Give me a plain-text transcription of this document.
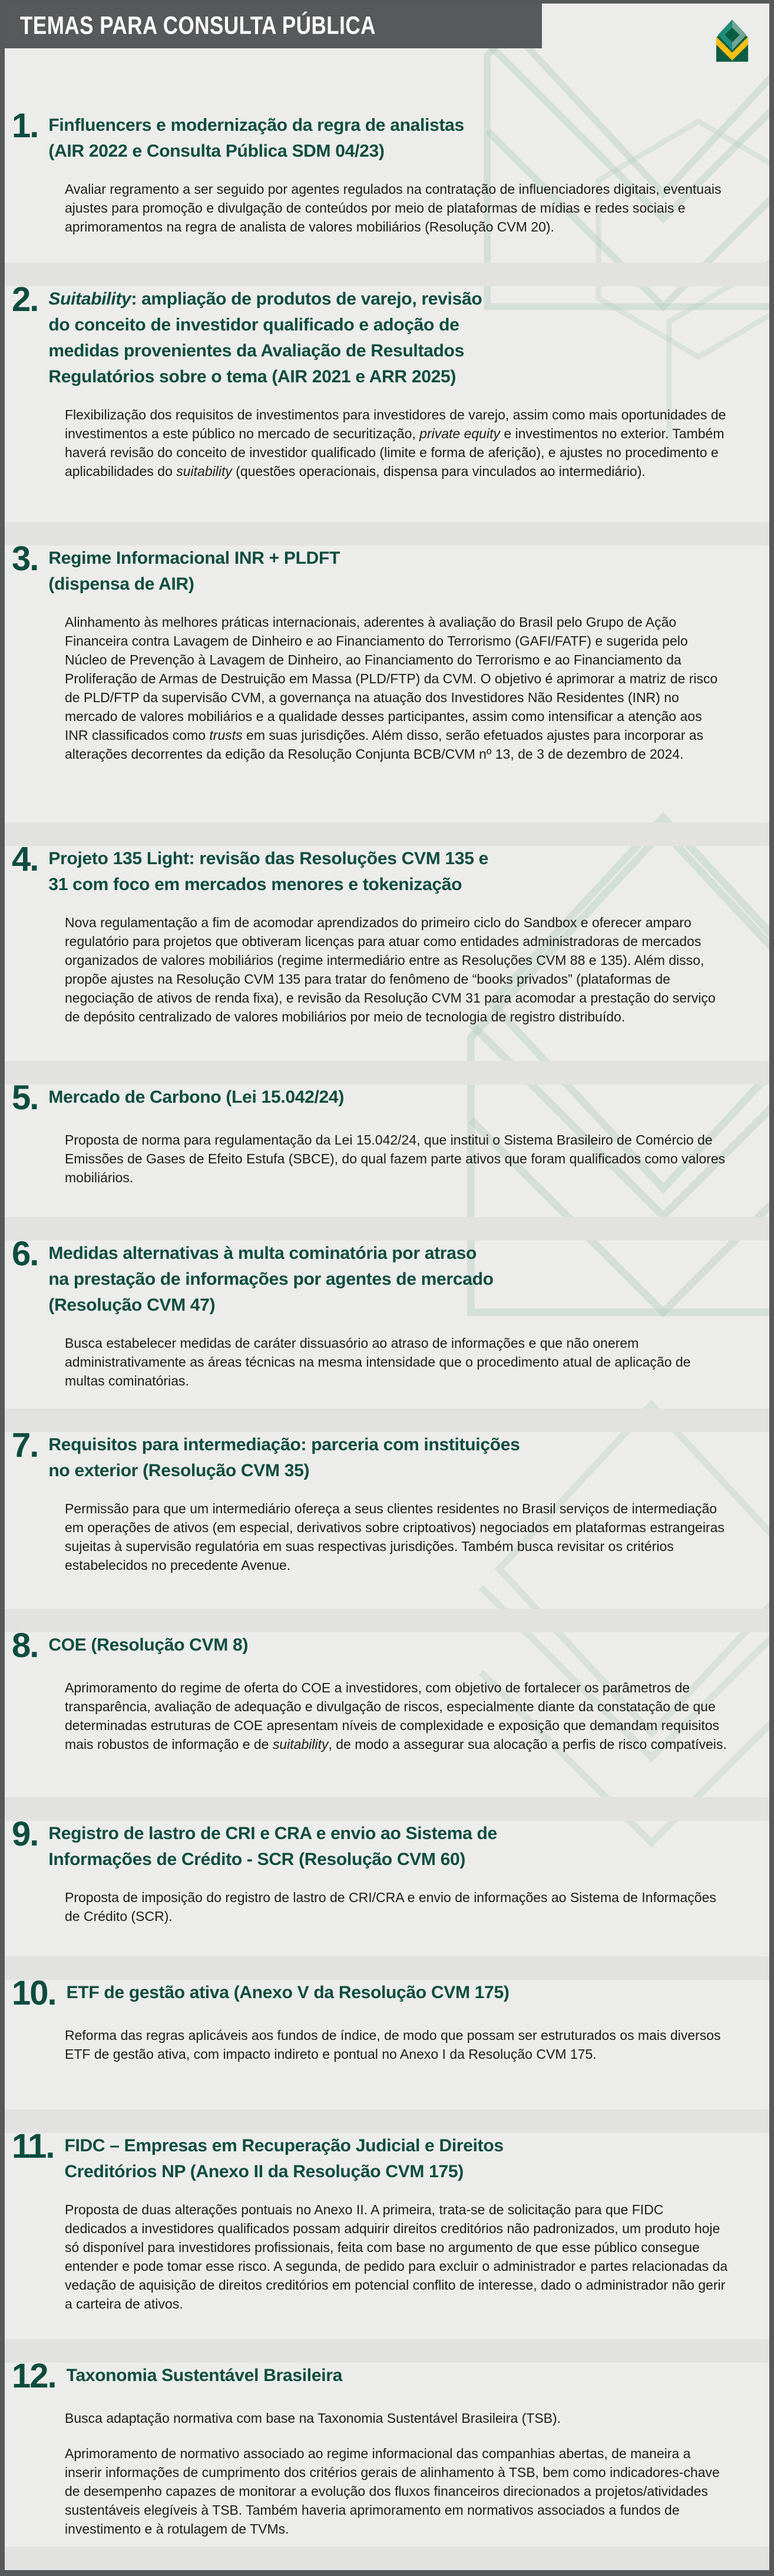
TEMAS PARA CONSULTA PÚBLICA
1. Finfluencers e modernização da regra de analistas
(AIR 2022 e Consulta Pública SDM 04/23)

Avaliar regramento a ser seguido por agentes regulados na contratação de influenciadores digitais, eventuais ajustes para promoção e divulgação de conteúdos por meio de plataformas de mídias e redes sociais e aprimoramentos na regra de analista de valores mobiliários (Resolução CVM 20).

2. Suitability: ampliação de produtos de varejo, revisão
do conceito de investidor qualificado e adoção de
medidas provenientes da Avaliação de Resultados
Regulatórios sobre o tema (AIR 2021 e ARR 2025)

Flexibilização dos requisitos de investimentos para investidores de varejo, assim como mais oportunidades de investimentos a este público no mercado de securitização, private equity e investimentos no exterior. Também haverá revisão do conceito de investidor qualificado (limite e forma de aferição), e ajustes no procedimento e aplicabilidades do suitability (questões operacionais, dispensa para vinculados ao intermediário).

3. Regime Informacional INR + PLDFT
(dispensa de AIR)

Alinhamento às melhores práticas internacionais, aderentes à avaliação do Brasil pelo Grupo de Ação Financeira contra Lavagem de Dinheiro e ao Financiamento do Terrorismo (GAFI/FATF) e sugerida pelo Núcleo de Prevenção à Lavagem de Dinheiro, ao Financiamento do Terrorismo e ao Financiamento da Proliferação de Armas de Destruição em Massa (PLD/FTP) da CVM. O objetivo é aprimorar a matriz de risco de PLD/FTP da supervisão CVM, a governança na atuação dos Investidores Não Residentes (INR) no mercado de valores mobiliários e a qualidade desses participantes, assim como intensificar a atenção aos INR classificados como trusts em suas jurisdições. Além disso, serão efetuados ajustes para incorporar as alterações decorrentes da edição da Resolução Conjunta BCB/CVM nº 13, de 3 de dezembro de 2024.

4. Projeto 135 Light: revisão das Resoluções CVM 135 e
31 com foco em mercados menores e tokenização

Nova regulamentação a fim de acomodar aprendizados do primeiro ciclo do Sandbox e oferecer amparo regulatório para projetos que obtiveram licenças para atuar como entidades administradoras de mercados organizados de valores mobiliários (regime intermediário entre as Resoluções CVM 88 e 135). Além disso, propõe ajustes na Resolução CVM 135 para tratar do fenômeno de “books privados” (plataformas de negociação de ativos de renda fixa), e revisão da Resolução CVM 31 para acomodar a prestação do serviço de depósito centralizado de valores mobiliários por meio de tecnologia de registro distribuído.

5. Mercado de Carbono (Lei 15.042/24)

Proposta de norma para regulamentação da Lei 15.042/24, que institui o Sistema Brasileiro de Comércio de Emissões de Gases de Efeito Estufa (SBCE), do qual fazem parte ativos que foram qualificados como valores mobiliários.

6. Medidas alternativas à multa cominatória por atraso
na prestação de informações por agentes de mercado
(Resolução CVM 47)

Busca estabelecer medidas de caráter dissuasório ao atraso de informações e que não onerem administrativamente as áreas técnicas na mesma intensidade que o procedimento atual de aplicação de multas cominatórias.

7. Requisitos para intermediação: parceria com instituições
no exterior (Resolução CVM 35)

Permissão para que um intermediário ofereça a seus clientes residentes no Brasil serviços de intermediação em operações de ativos (em especial, derivativos sobre criptoativos) negociados em plataformas estrangeiras sujeitas à supervisão regulatória em suas respectivas jurisdições. Também busca revisitar os critérios estabelecidos no precedente Avenue.

8. COE (Resolução CVM 8)

Aprimoramento do regime de oferta do COE a investidores, com objetivo de fortalecer os parâmetros de transparência, avaliação de adequação e divulgação de riscos, especialmente diante da constatação de que determinadas estruturas de COE apresentam níveis de complexidade e exposição que demandam requisitos mais robustos de informação e de suitability, de modo a assegurar sua alocação a perfis de risco compatíveis.

9. Registro de lastro de CRI e CRA e envio ao Sistema de
Informações de Crédito - SCR (Resolução CVM 60)

Proposta de imposição do registro de lastro de CRI/CRA e envio de informações ao Sistema de Informações de Crédito (SCR).

10. ETF de gestão ativa (Anexo V da Resolução CVM 175)

Reforma das regras aplicáveis aos fundos de índice, de modo que possam ser estruturados os mais diversos ETF de gestão ativa, com impacto indireto e pontual no Anexo I da Resolução CVM 175.

11. FIDC – Empresas em Recuperação Judicial e Direitos
Creditórios NP (Anexo II da Resolução CVM 175)

Proposta de duas alterações pontuais no Anexo II. A primeira, trata-se de solicitação para que FIDC dedicados a investidores qualificados possam adquirir direitos creditórios não padronizados, um produto hoje só disponível para investidores profissionais, feita com base no argumento de que esse público consegue entender e pode tomar esse risco. A segunda, de pedido para excluir o administrador e partes relacionadas da vedação de aquisição de direitos creditórios em potencial conflito de interesse, dado o administrador não gerir a carteira de ativos.

12. Taxonomia Sustentável Brasileira

Busca adaptação normativa com base na Taxonomia Sustentável Brasileira (TSB).

Aprimoramento de normativo associado ao regime informacional das companhias abertas, de maneira a inserir informações de cumprimento dos critérios gerais de alinhamento à TSB, bem como indicadores-chave de desempenho capazes de monitorar a evolução dos fluxos financeiros direcionados a projetos/atividades sustentáveis elegíveis à TSB. Também haveria aprimoramento em normativos associados a fundos de investimento e à rotulagem de TVMs.
